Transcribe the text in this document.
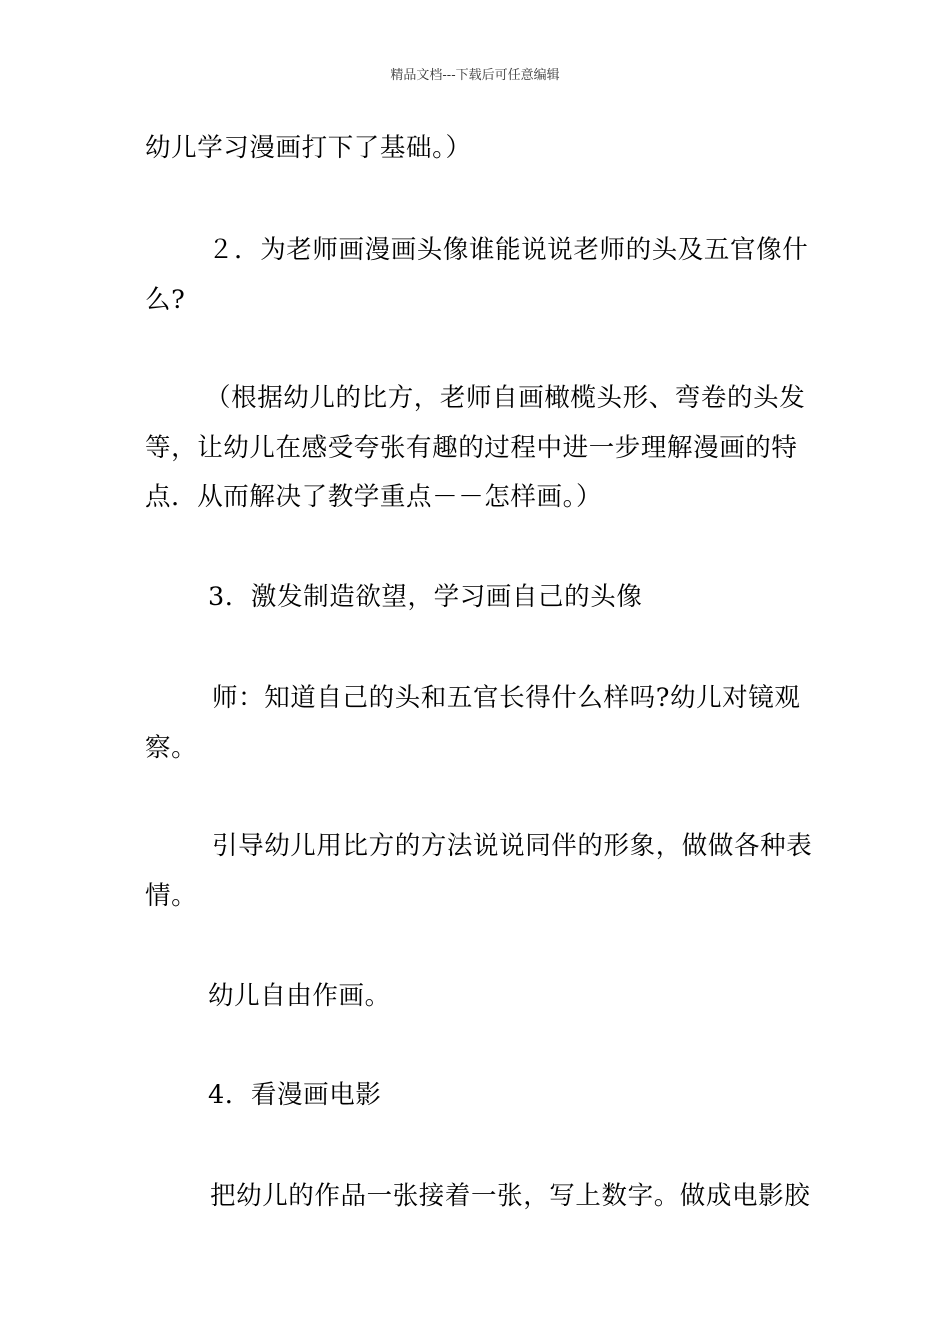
精品文档---下载后可任意编辑
幼儿学习漫画打下了基础。）
２．为老师画漫画头像谁能说说老师的头及五官像什
么?
（根据幼儿的比方，老师自画橄榄头形、弯卷的头发
等，让幼儿在感受夸张有趣的过程中进一步理解漫画的特
点．从而解决了教学重点－－怎样画。）
3．激发制造欲望，学习画自己的头像
师：知道自己的头和五官长得什么样吗?幼儿对镜观
察。
引导幼儿用比方的方法说说同伴的形象，做做各种表
情。
幼儿自由作画。
4．看漫画电影
把幼儿的作品一张接着一张，写上数字。做成电影胶
